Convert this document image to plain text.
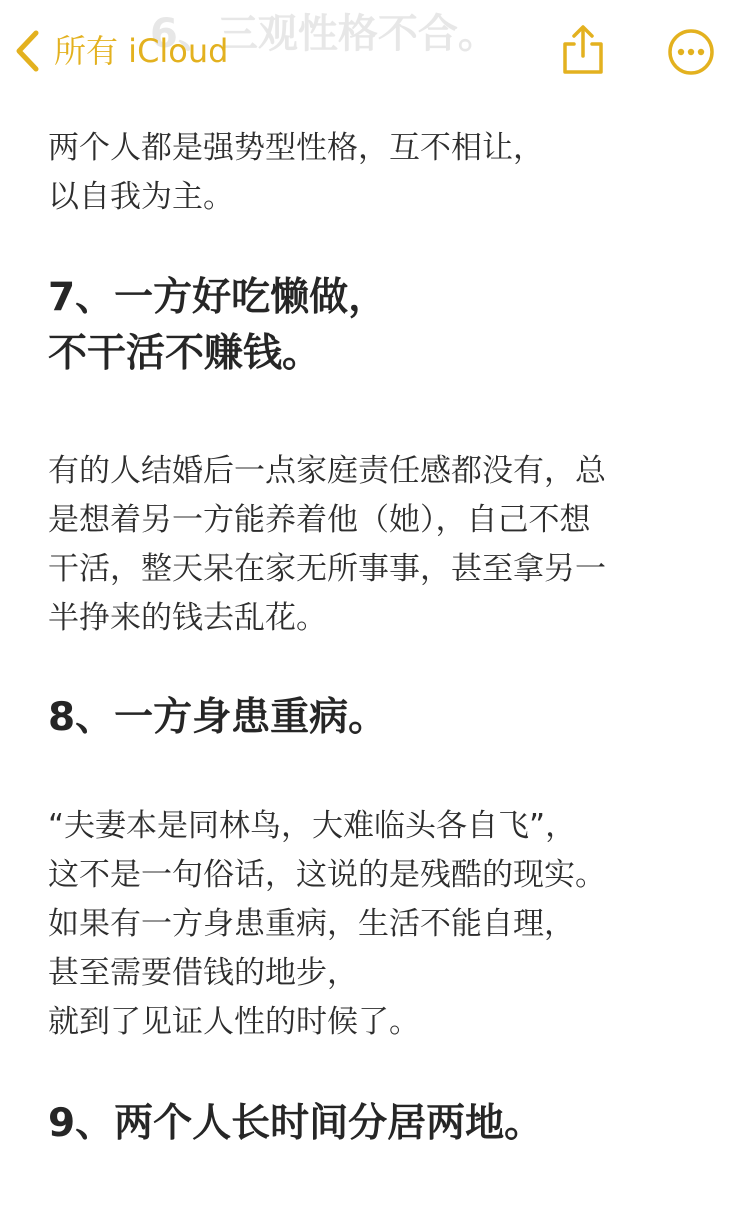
两个人都是强势型性格，互不相让，
以自我为主。
7、一方好吃懒做，
不干活不赚钱。
有的人结婚后一点家庭责任感都没有，总
是想着另一方能养着他（她），自己不想
干活，整天呆在家无所事事，甚至拿另一
半挣来的钱去乱花。
8、一方身患重病。
“夫妻本是同林鸟，大难临头各自飞”，
这不是一句俗话，这说的是残酷的现实。
如果有一方身患重病，生活不能自理，
甚至需要借钱的地步，
就到了见证人性的时候了。
9、两个人长时间分居两地。
6、三观性格不合。
所有 iCloud
